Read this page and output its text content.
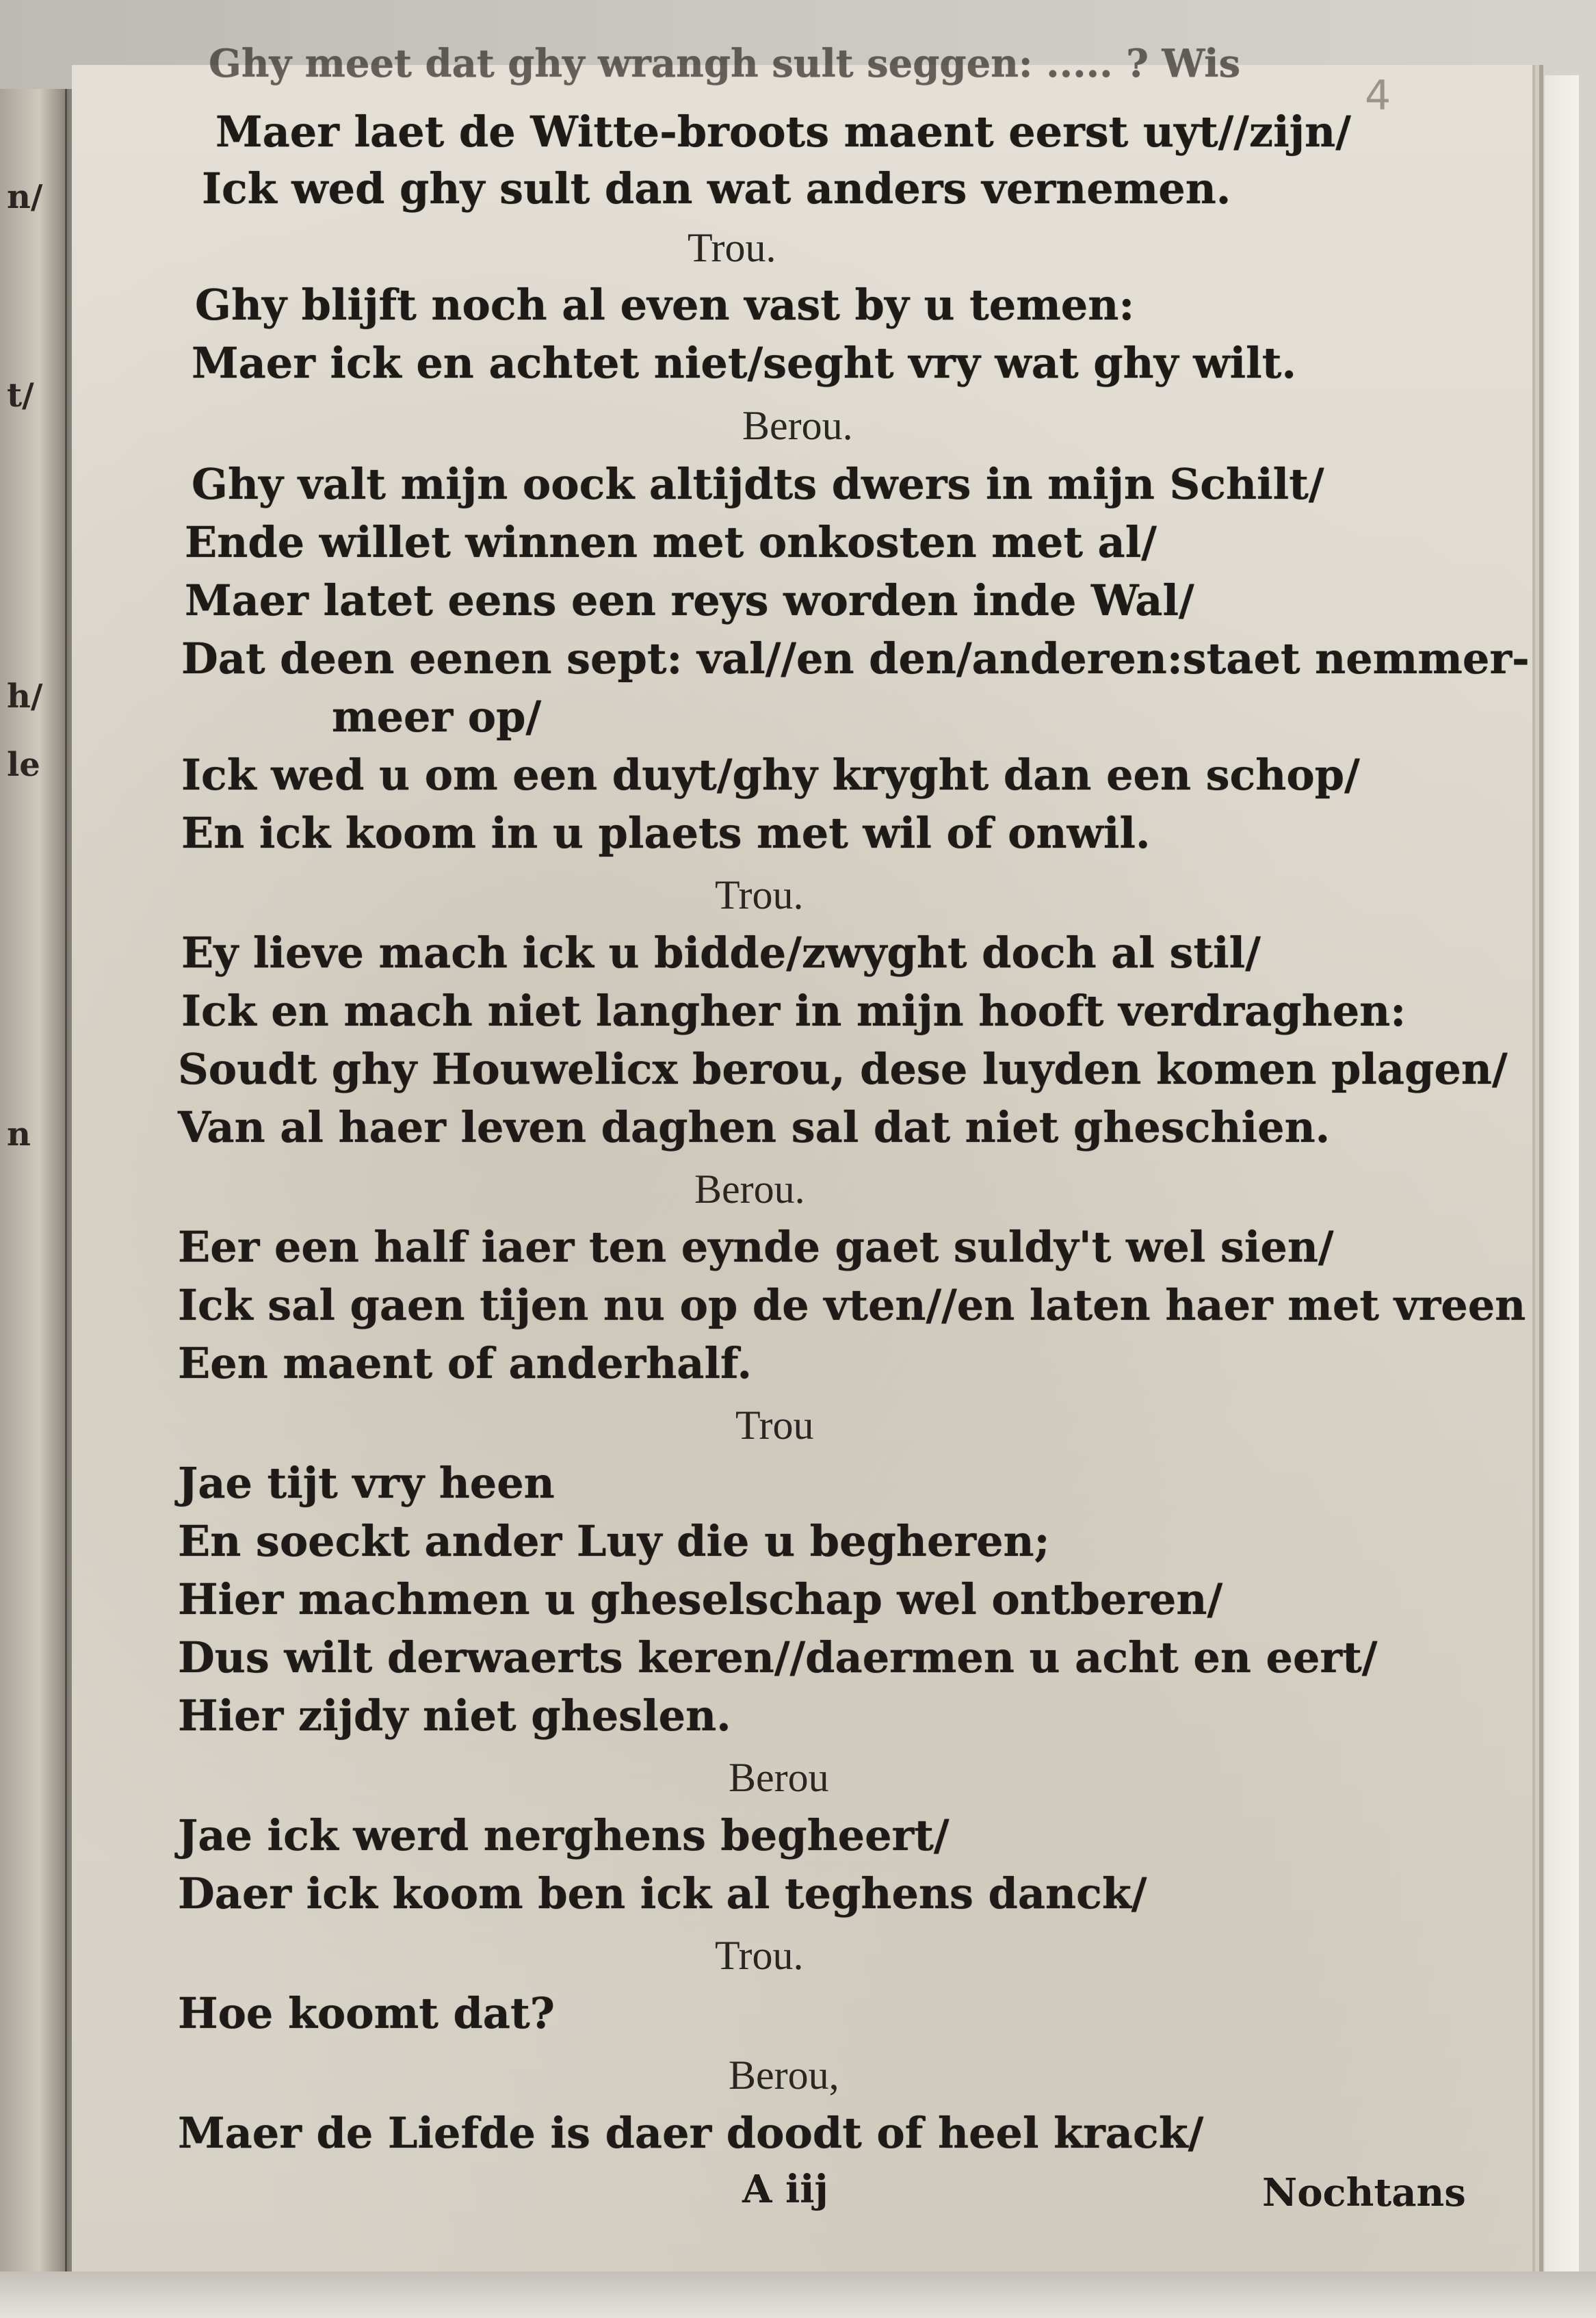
n/
t/
h/
le
n
4
Ghy meet dat ghy wrangh sult seggen: ..... ? Wis
Maer laet de Witte-broots maent eerst uyt//zijn/
Ick wed ghy sult dan wat anders vernemen.
Trou.
Ghy blijft noch al even vast by u temen:
Maer ick en achtet niet/seght vry wat ghy wilt.
Berou.
Ghy valt mijn oock altijdts dwers in mijn Schilt/
Ende willet winnen met onkosten met al/
Maer latet eens een reys worden inde Wal/
Dat deen eenen sept: val//en den/anderen:staet nemmer-
meer op/
Ick wed u om een duyt/ghy kryght dan een schop/
En ick koom in u plaets met wil of onwil.
Trou.
Ey lieve mach ick u bidde/zwyght doch al stil/
Ick en mach niet langher in mijn hooft verdraghen:
Soudt ghy Houwelicx berou, dese luyden komen plagen/
Van al haer leven daghen sal dat niet gheschien.
Berou.
Eer een half iaer ten eynde gaet suldy't wel sien/
Ick sal gaen tijen nu op de vten//en laten haer met vreen
Een maent of anderhalf.
Trou
Jae tijt vry heen
En soeckt ander Luy die u begheren;
Hier machmen u gheselschap wel ontberen/
Dus wilt derwaerts keren//daermen u acht en eert/
Hier zijdy niet gheslen.
Berou
Jae ick werd nerghens begheert/
Daer ick koom ben ick al teghens danck/
Trou.
Hoe koomt dat?
Berou,
Maer de Liefde is daer doodt of heel krack/
A iij	Nochtans
